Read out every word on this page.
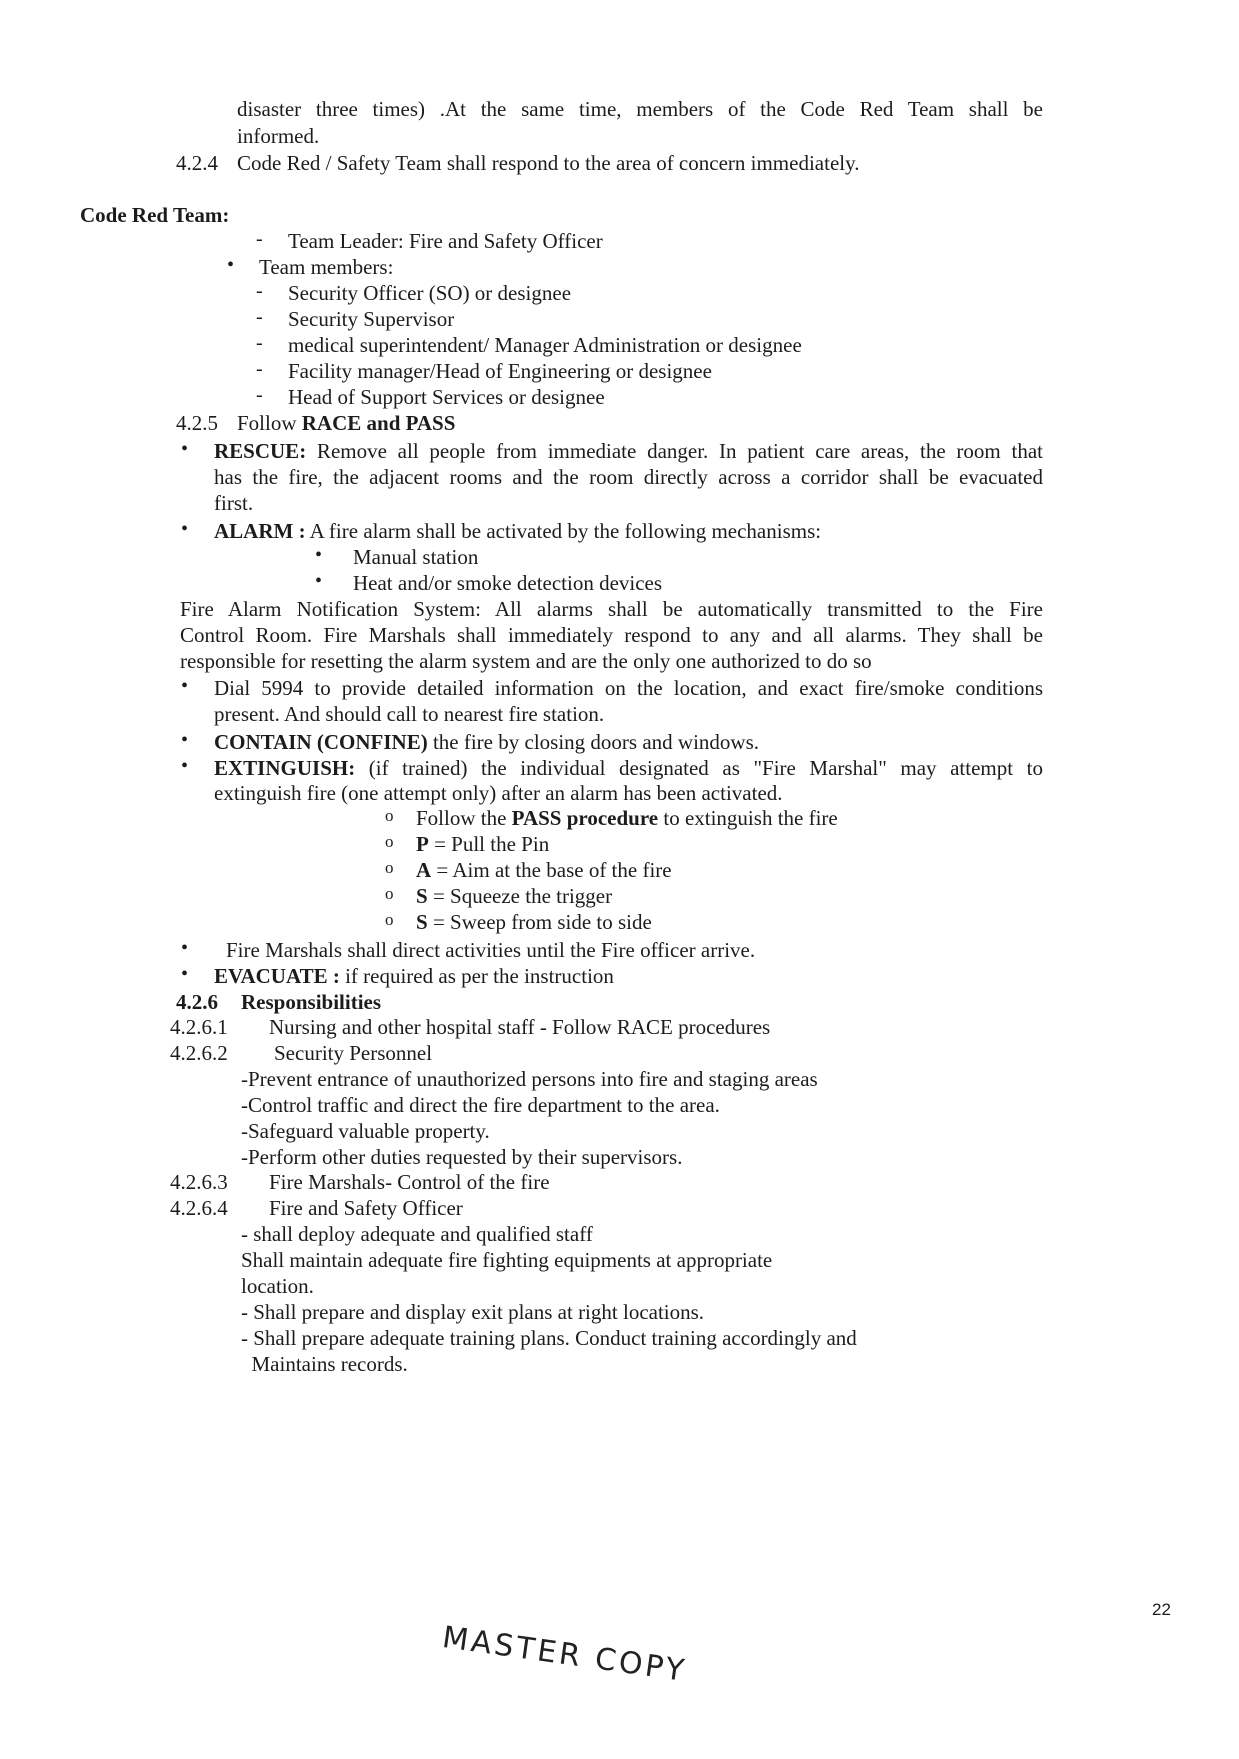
disaster three times) .At the same time, members of the Code Red Team shall be
informed.
4.2.4 Code Red / Safety Team shall respond to the area of concern immediately.
Code Red Team:
- Team Leader: Fire and Safety Officer
• Team members:
- Security Officer (SO) or designee
- Security Supervisor
- medical superintendent/ Manager Administration or designee
- Facility manager/Head of Engineering or designee
- Head of Support Services or designee
4.2.5 Follow RACE and PASS
• RESCUE: Remove all people from immediate danger. In patient care areas, the room that
has the fire, the adjacent rooms and the room directly across a corridor shall be evacuated
first.
• ALARM : A fire alarm shall be activated by the following mechanisms:
• Manual station
• Heat and/or smoke detection devices
Fire Alarm Notification System: All alarms shall be automatically transmitted to the Fire
Control Room. Fire Marshals shall immediately respond to any and all alarms. They shall be
responsible for resetting the alarm system and are the only one authorized to do so
• Dial 5994 to provide detailed information on the location, and exact fire/smoke conditions
present. And should call to nearest fire station.
• CONTAIN (CONFINE) the fire by closing doors and windows.
• EXTINGUISH: (if trained) the individual designated as "Fire Marshal" may attempt to
extinguish fire (one attempt only) after an alarm has been activated.
o Follow the PASS procedure to extinguish the fire
o P = Pull the Pin
o A = Aim at the base of the fire
o S = Squeeze the trigger
o S = Sweep from side to side
• Fire Marshals shall direct activities until the Fire officer arrive.
• EVACUATE : if required as per the instruction
4.2.6 Responsibilities
4.2.6.1 Nursing and other hospital staff - Follow RACE procedures
4.2.6.2 Security Personnel
-Prevent entrance of unauthorized persons into fire and staging areas
-Control traffic and direct the fire department to the area.
-Safeguard valuable property.
-Perform other duties requested by their supervisors.
4.2.6.3 Fire Marshals- Control of the fire
4.2.6.4 Fire and Safety Officer
- shall deploy adequate and qualified staff
Shall maintain adequate fire fighting equipments at appropriate
location.
- Shall prepare and display exit plans at right locations.
- Shall prepare adequate training plans. Conduct training accordingly and
Maintains records.
22
MASTER COPY
